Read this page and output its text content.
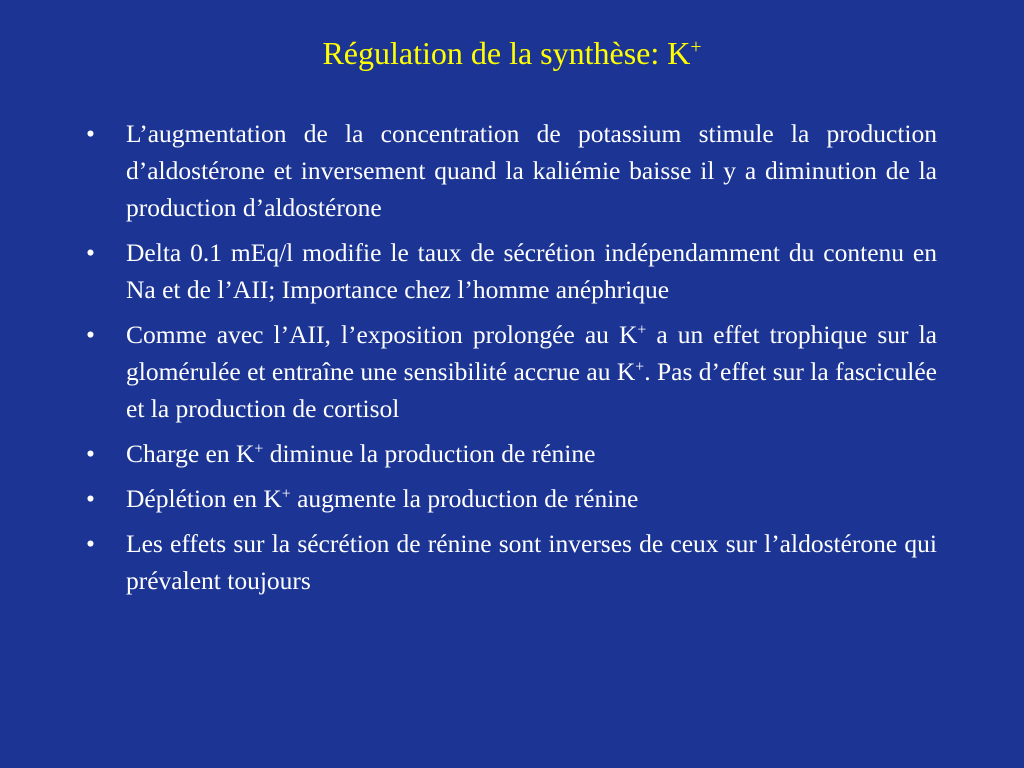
Régulation de la synthèse: K+
•	L’augmentation de la concentration de potassium stimule la production d’aldostérone et inversement quand la kaliémie baisse il y a diminution de la production d’aldostérone
•	Delta 0.1 mEq/l modifie le taux de sécrétion indépendamment du contenu en Na et de l’AII; Importance chez l’homme anéphrique
•	Comme avec l’AII, l’exposition prolongée au K+ a un effet trophique sur la glomérulée et entraîne une sensibilité accrue au K+. Pas d’effet sur la fasciculée et la production de cortisol
•	Charge en K+ diminue la production de rénine
•	Déplétion en K+ augmente la production de rénine
•	Les effets sur la sécrétion de rénine sont inverses de ceux sur l’aldostérone qui prévalent toujours
